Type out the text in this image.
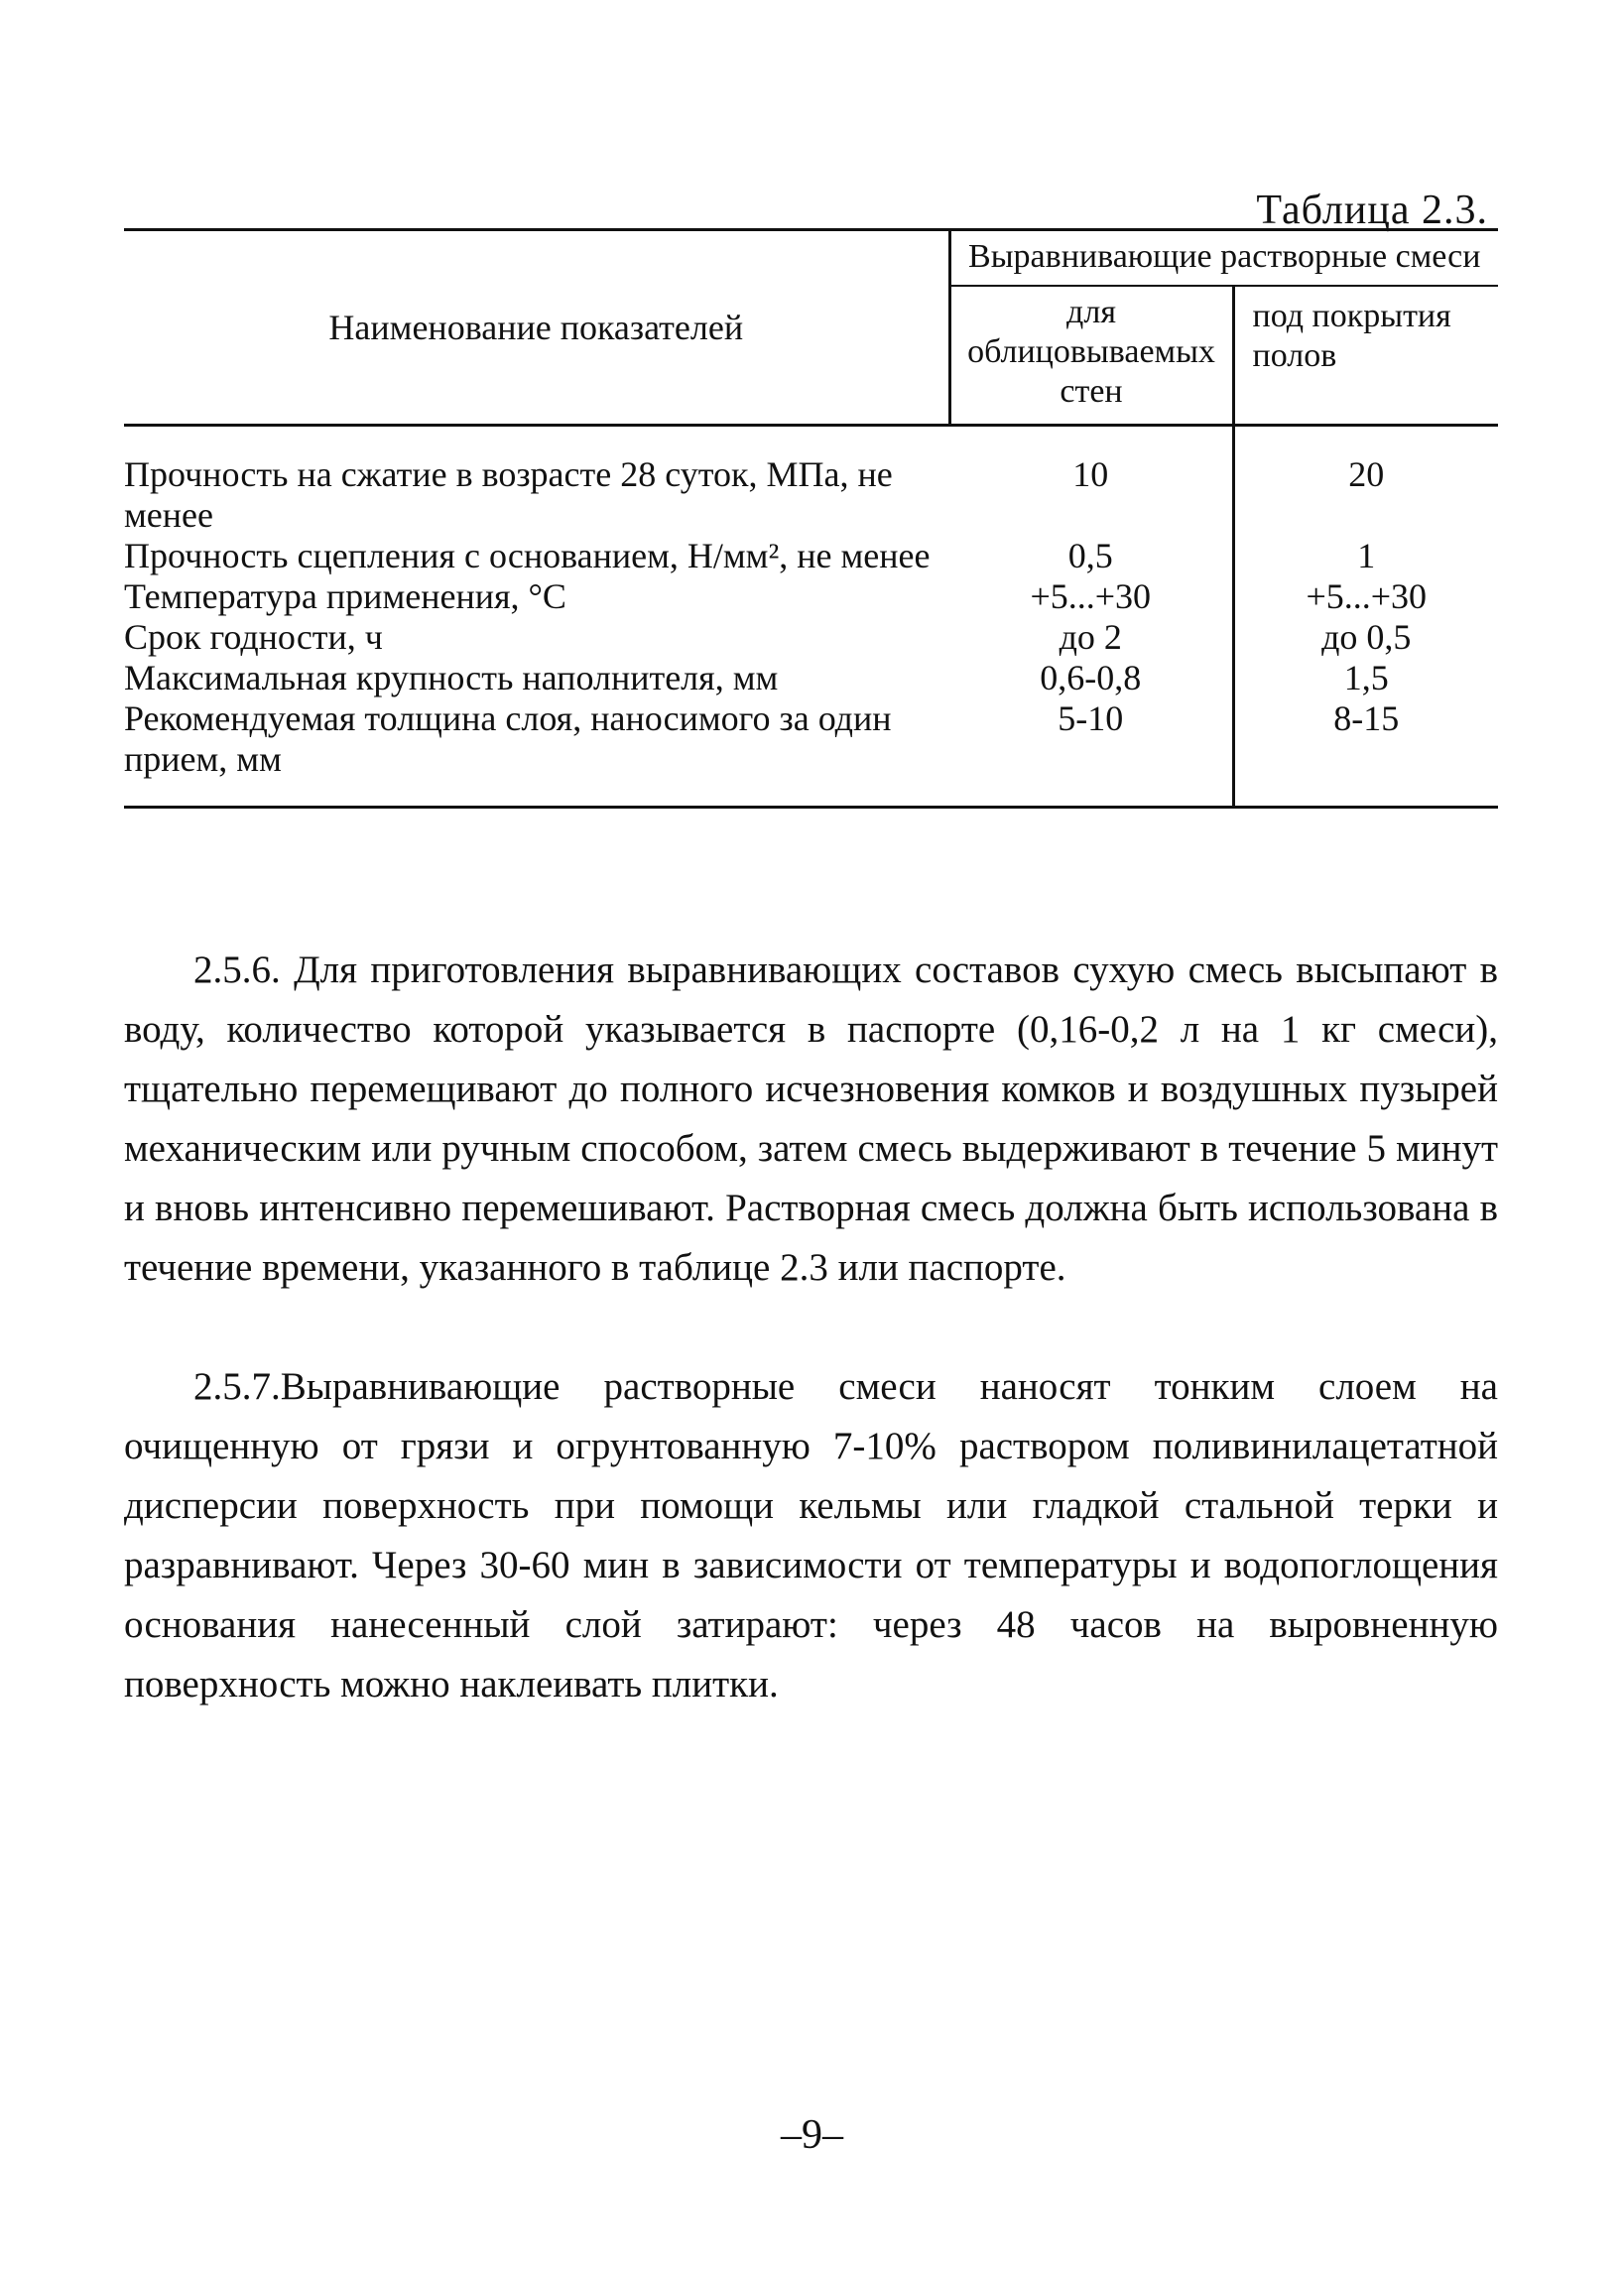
Таблица 2.3.
Наименование показателей	Выравнивающие растворные смеси	
	для облицовываемых стен	под покрытия полов
Прочность на сжатие в возрасте 28 суток, МПа, не менее	10	20
Прочность сцепления с основанием, Н/мм², не менее	0,5	1
Температура применения, °С	+5...+30	+5...+30
Срок годности, ч	до 2	до 0,5
Максимальная крупность наполнителя, мм	0,6-0,8	1,5
Рекомендуемая толщина слоя, наносимого за один прием, мм	5-10	8-15

2.5.6. Для приготовления выравнивающих составов сухую смесь высыпают в воду, количество которой указывается в паспорте (0,16-0,2 л на 1 кг смеси), тщательно перемещивают до полного исчезновения комков и воздушных пузырей механическим или ручным способом, затем смесь выдерживают в течение 5 минут и вновь интенсивно перемешивают. Растворная смесь должна быть использована в течение времени, указанного в таблице 2.3 или паспорте.

2.5.7.Выравнивающие растворные смеси наносят тонким слоем на очищенную от грязи и огрунтованную 7-10% раствором поливинилацетатной дисперсии поверхность при помощи кельмы или гладкой стальной терки и разравнивают. Через 30-60 мин в зависимости от температуры и водопоглощения основания нанесенный слой затирают: через 48 часов на выровненную поверхность можно наклеивать плитки.

–9–
